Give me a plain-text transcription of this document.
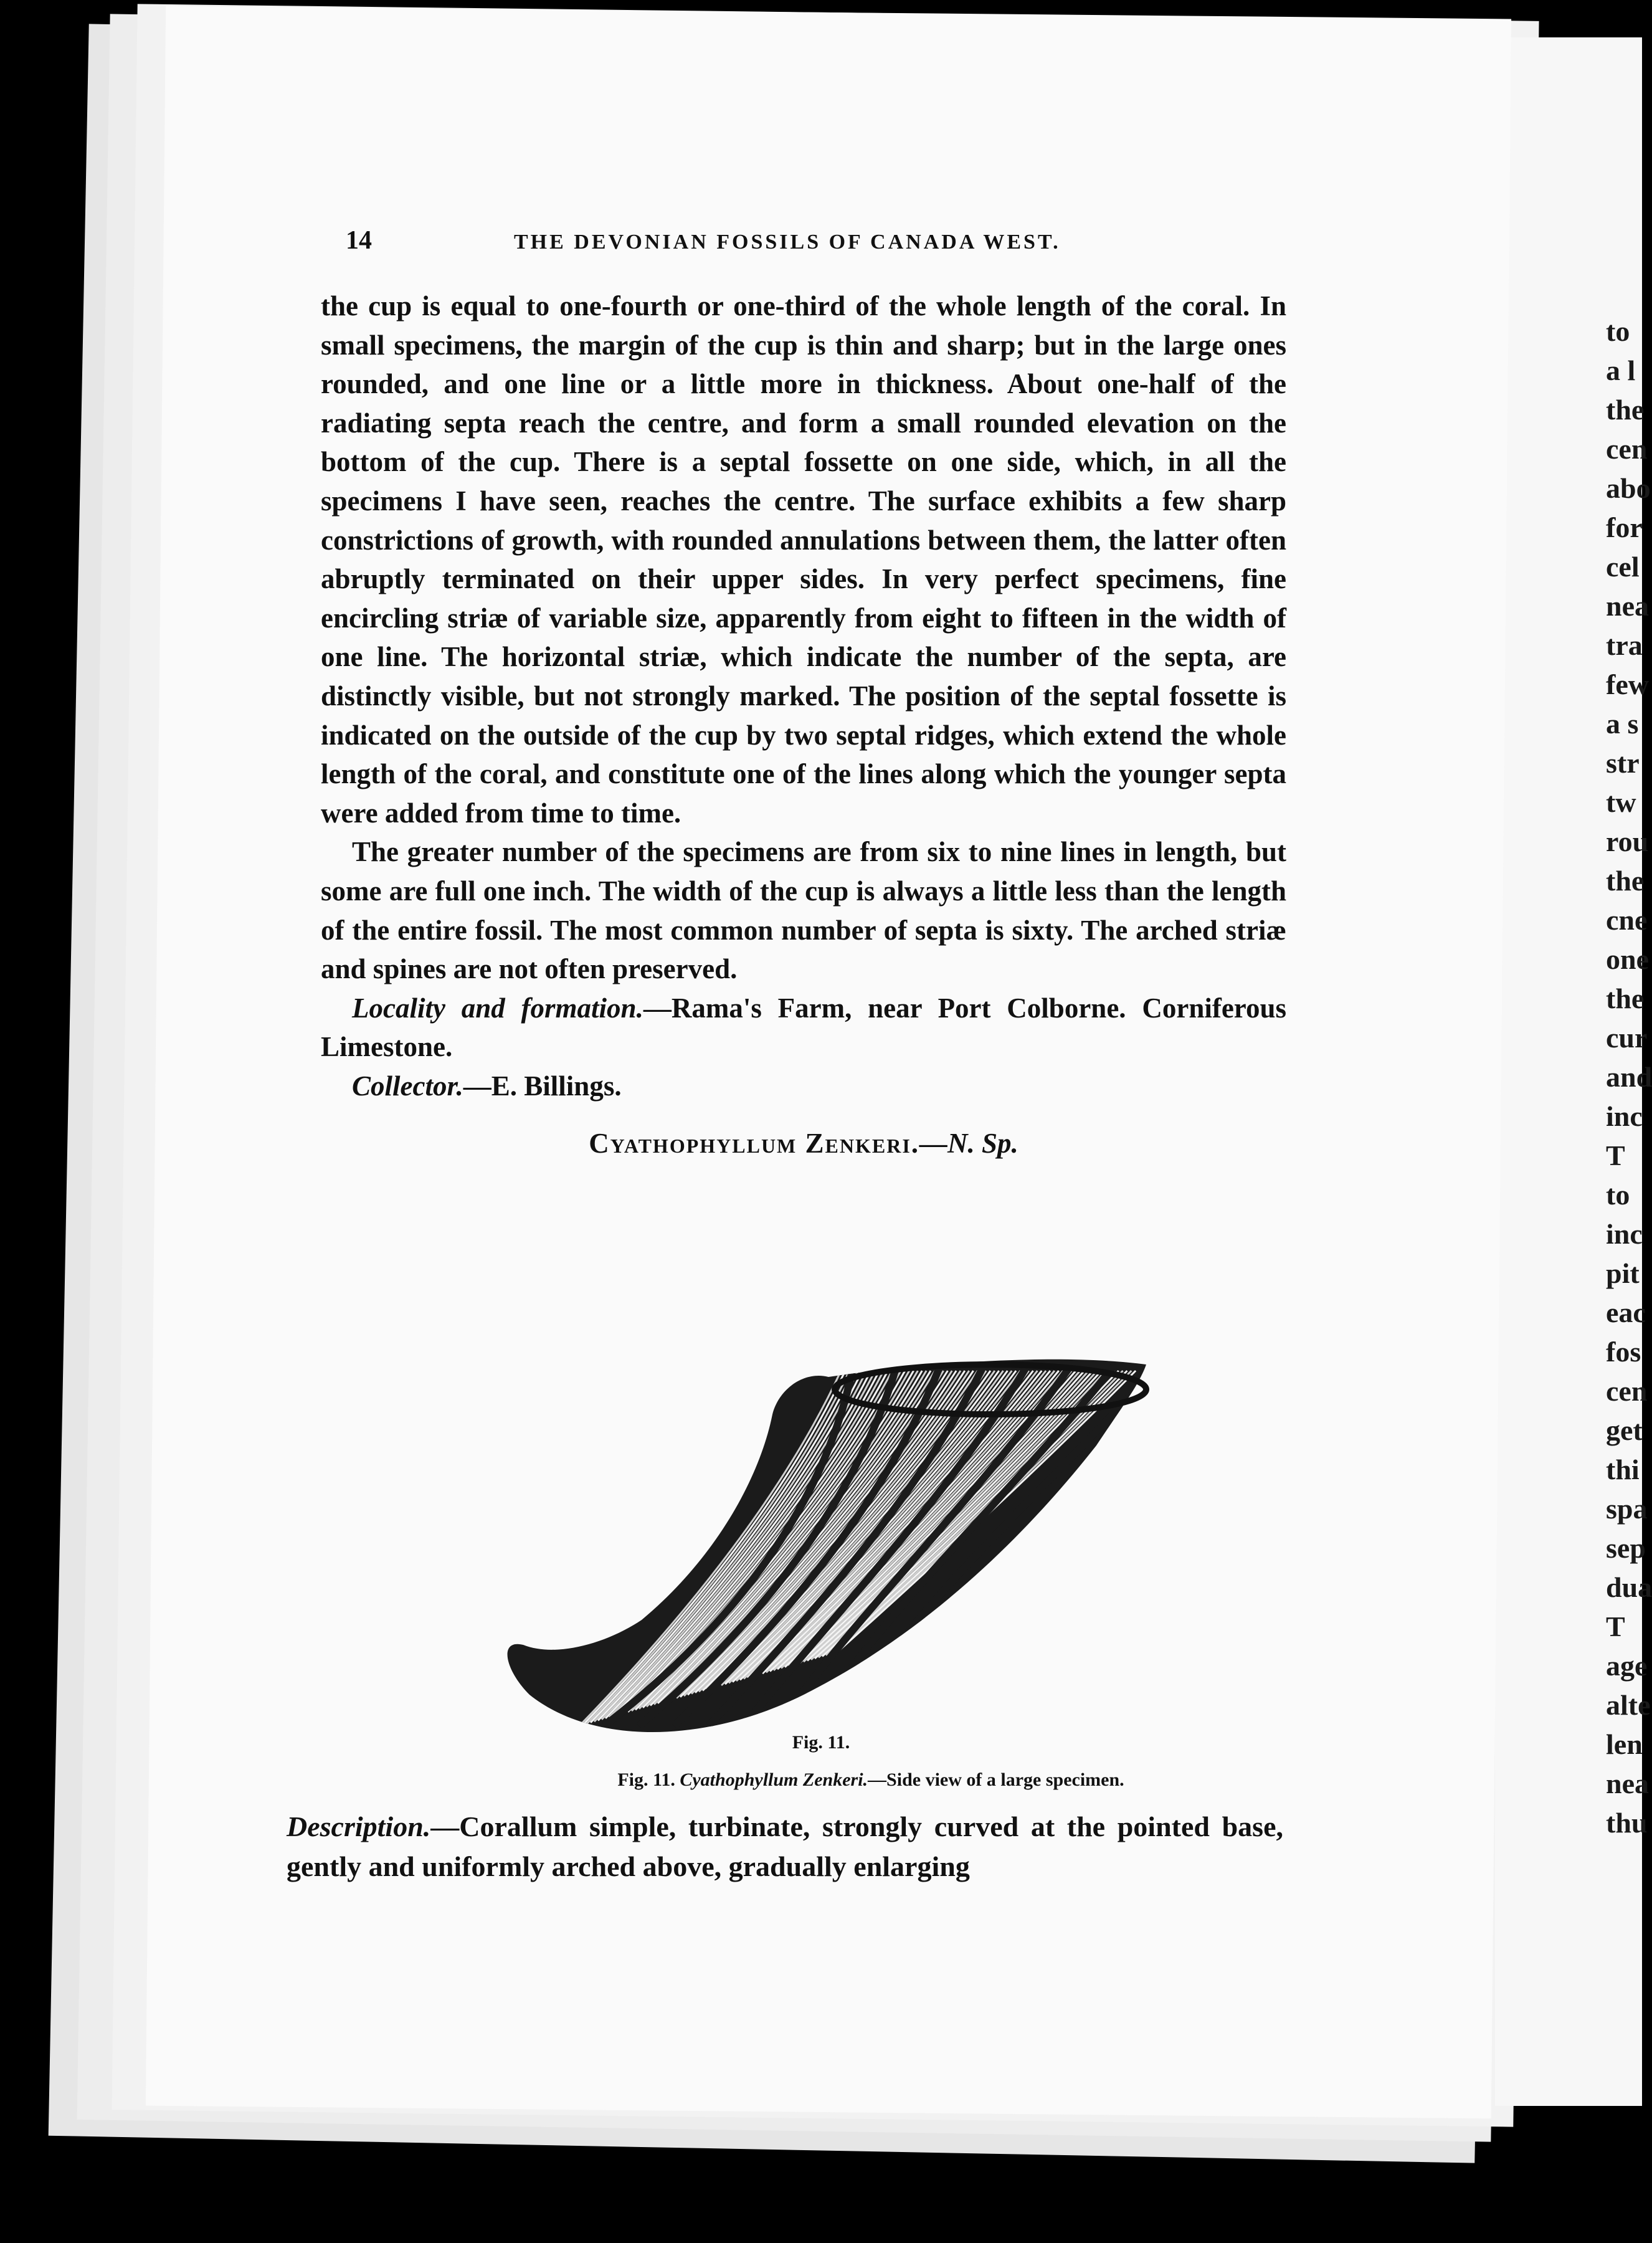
to
a l
the
cen
abo
for
cel
nea
tra
few
a s
str
tw
rou
the
cne
one
the
cur
and
inc
T
to
inc
pit
eac
fos
cen
get
thi
spa
sep
dua
T
age
alte
len
nea
thu
14	THE DEVONIAN FOSSILS OF CANADA WEST.

the cup is equal to one-fourth or one-third of the whole length of the coral. In small specimens, the margin of the cup is thin and sharp; but in the large ones rounded, and one line or a little more in thickness. About one-half of the radiating septa reach the centre, and form a small rounded elevation on the bottom of the cup. There is a septal fossette on one side, which, in all the specimens I have seen, reaches the centre. The surface exhibits a few sharp constrictions of growth, with rounded annulations between them, the latter often abruptly terminated on their upper sides. In very perfect specimens, fine encircling striæ of variable size, apparently from eight to fifteen in the width of one line. The horizontal striæ, which indicate the number of the septa, are distinctly visible, but not strongly marked. The position of the septal fossette is indicated on the outside of the cup by two septal ridges, which extend the whole length of the coral, and constitute one of the lines along which the younger septa were added from time to time.

The greater number of the specimens are from six to nine lines in length, but some are full one inch. The width of the cup is always a little less than the length of the entire fossil. The most common number of septa is sixty. The arched striæ and spines are not often preserved.

Locality and formation.—Rama's Farm, near Port Colborne. Corniferous Limestone.

Collector.—E. Billings.

Cyathophyllum Zenkeri.—N. Sp.

Fig. 11.
Fig. 11. Cyathophyllum Zenkeri.—Side view of a large specimen.
Description.—Corallum simple, turbinate, strongly curved at the pointed base, gently and uniformly arched above, gradually enlarging
